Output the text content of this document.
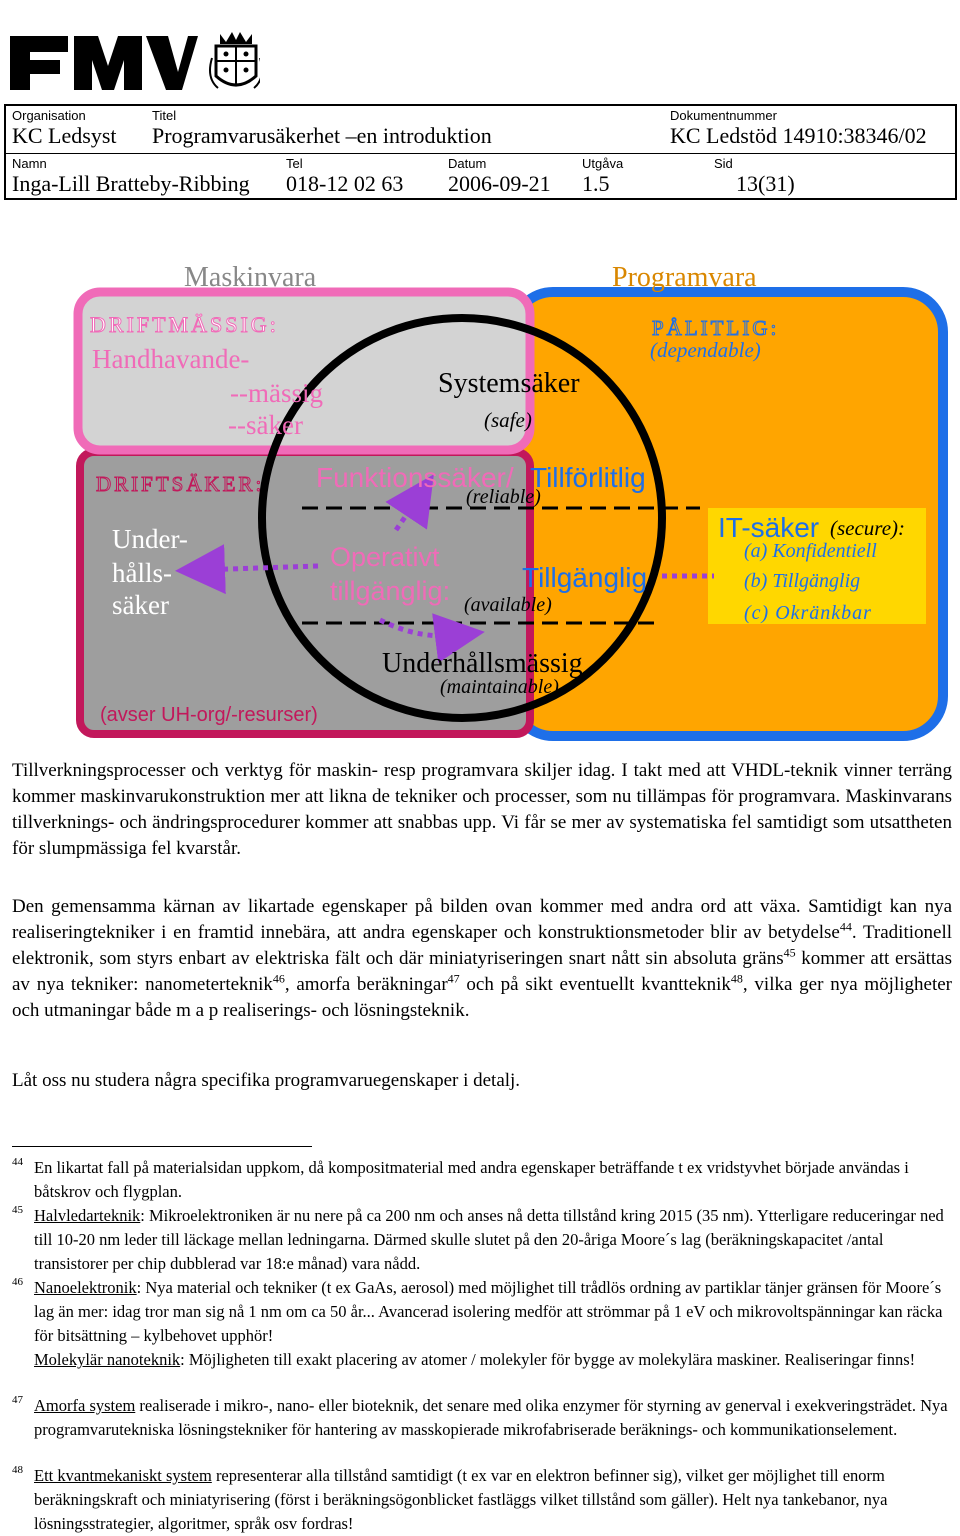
Organisation
KC Ledsyst
Titel
Programvarusäkerhet –en introduktion
Dokumentnummer
KC Ledstöd 14910:38346/02
Namn
Inga-Lill Bratteby-Ribbing
Tel
018-12 02 63
Datum
2006-09-21
Utgåva
1.5
Sid
13(31)
Maskinvara	Programvara
DRIFTMÄSSIG:
Handhavande-
--mässig
--säker
Systemsäker
(safe)
PÅLITLIG:
(dependable)
DRIFTSÄKER: Funktionssäker/ Tillförlitlig
(reliable)
Under-
hålls-
säker
Operativt
tillgänglig:	Tillgänglig
(available)
IT-säker (secure):
(a) Konfidentiell
(b) Tillgänglig
(c) Okränkbar
Underhållsmässig
(maintainable)
(avser UH-org/-resurser)
Tillverkningsprocesser och verktyg för maskin- resp programvara skiljer idag. I takt med att VHDL-teknik vinner terräng kommer maskinvarukonstruktion mer att likna de tekniker och processer, som nu tillämpas för programvara. Maskinvarans tillverknings- och ändringsprocedurer kommer att snabbas upp. Vi får se mer av systematiska fel samtidigt som utsattheten för slumpmässiga fel kvarstår.
Den gemensamma kärnan av likartade egenskaper på bilden ovan kommer med andra ord att växa. Samtidigt kan nya realiseringtekniker i en framtid innebära, att andra egenskaper och konstruktionsmetoder blir av betydelse$^{44}$. Traditionell elektronik, som styrs enbart av elektriska fält och där miniatyriseringen snart nått sin absoluta gräns$^{45}$ kommer att ersättas av nya tekniker: nanometerteknik$^{46}$, amorfa beräkningar$^{47}$ och på sikt eventuellt kvantteknik$^{48}$, vilka ger nya möjligheter och utmaningar både m a p realiserings- och lösningsteknik.
Låt oss nu studera några specifika programvaruegenskaper i detalj.
44 En likartat fall på materialsidan uppkom, då kompositmaterial med andra egenskaper beträffande t ex vridstyvhet började användas i båtskrov och flygplan.
45 Halvledarteknik: Mikroelektroniken är nu nere på ca 200 nm och anses nå detta tillstånd kring 2015 (35 nm). Ytterligare reduceringar ned till 10-20 nm leder till läckage mellan ledningarna. Därmed skulle slutet på den 20-åriga Moore´s lag (beräkningskapacitet /antal transistorer per chip dubblerad var 18:e månad) vara nådd.
46 Nanoelektronik: Nya material och tekniker (t ex GaAs, aerosol) med möjlighet till trådlös ordning av partiklar tänjer gränsen för Moore´s lag än mer: idag tror man sig nå 1 nm om ca 50 år... Avancerad isolering medför att strömmar på 1 eV och mikrovoltspänningar kan räcka för bitsättning – kylbehovet upphör!
Molekylär nanoteknik: Möjligheten till exakt placering av atomer / molekyler för bygge av molekylära maskiner. Realiseringar finns!
47 Amorfa system realiserade i mikro-, nano- eller bioteknik, det senare med olika enzymer för styrning av generval i exekveringsträdet. Nya programvarutekniska lösningstekniker för hantering av masskopierade mikrofabriserade beräknings- och kommunikationselement.
48 Ett kvantmekaniskt system representerar alla tillstånd samtidigt (t ex var en elektron befinner sig), vilket ger möjlighet till enorm beräkningskraft och miniatyrisering (först i beräkningsögonblicket fastläggs vilket tillstånd som gäller). Helt nya tankebanor, nya lösningsstrategier, algoritmer, språk osv fordras!
